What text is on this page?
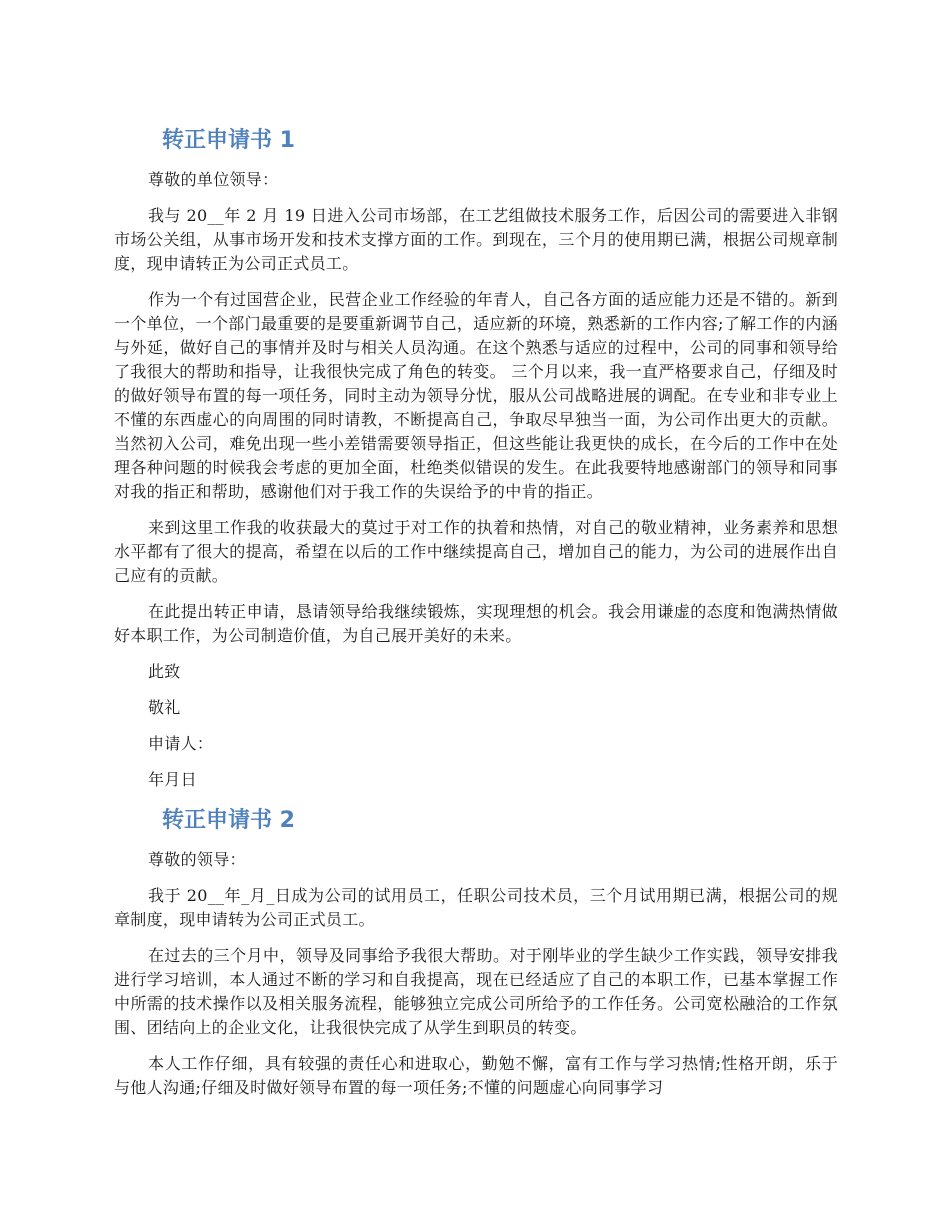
转正申请书 1

尊敬的单位领导：

我与 20__年 2 月 19 日进入公司市场部，在工艺组做技术服务工作，后因公司的需要进入非钢市场公关组，从事市场开发和技术支撑方面的工作。到现在，三个月的使用期已满，根据公司规章制度，现申请转正为公司正式员工。

作为一个有过国营企业，民营企业工作经验的年青人，自己各方面的适应能力还是不错的。新到一个单位，一个部门最重要的是要重新调节自己，适应新的环境，熟悉新的工作内容;了解工作的内涵与外延，做好自己的事情并及时与相关人员沟通。在这个熟悉与适应的过程中，公司的同事和领导给了我很大的帮助和指导，让我很快完成了角色的转变。 三个月以来，我一直严格要求自己，仔细及时的做好领导布置的每一项任务，同时主动为领导分忧，服从公司战略进展的调配。在专业和非专业上不懂的东西虚心的向周围的同时请教，不断提高自己，争取尽早独当一面，为公司作出更大的贡献。当然初入公司，难免出现一些小差错需要领导指正，但这些能让我更快的成长，在今后的工作中在处理各种问题的时候我会考虑的更加全面，杜绝类似错误的发生。在此我要特地感谢部门的领导和同事对我的指正和帮助，感谢他们对于我工作的失误给予的中肯的指正。

来到这里工作我的收获最大的莫过于对工作的执着和热情，对自己的敬业精神，业务素养和思想水平都有了很大的提高，希望在以后的工作中继续提高自己，增加自己的能力，为公司的进展作出自己应有的贡献。

在此提出转正申请，恳请领导给我继续锻炼，实现理想的机会。我会用谦虚的态度和饱满热情做好本职工作，为公司制造价值，为自己展开美好的未来。

此致

敬礼

申请人：

年月日

转正申请书 2

尊敬的领导：

我于 20__年_月_日成为公司的试用员工，任职公司技术员，三个月试用期已满，根据公司的规章制度，现申请转为公司正式员工。

在过去的三个月中，领导及同事给予我很大帮助。对于刚毕业的学生缺少工作实践，领导安排我进行学习培训，本人通过不断的学习和自我提高，现在已经适应了自己的本职工作，已基本掌握工作中所需的技术操作以及相关服务流程，能够独立完成公司所给予的工作任务。公司宽松融洽的工作氛围、团结向上的企业文化，让我很快完成了从学生到职员的转变。

本人工作仔细，具有较强的责任心和进取心，勤勉不懈，富有工作与学习热情;性格开朗，乐于与他人沟通;仔细及时做好领导布置的每一项任务;不懂的问题虚心向同事学习
